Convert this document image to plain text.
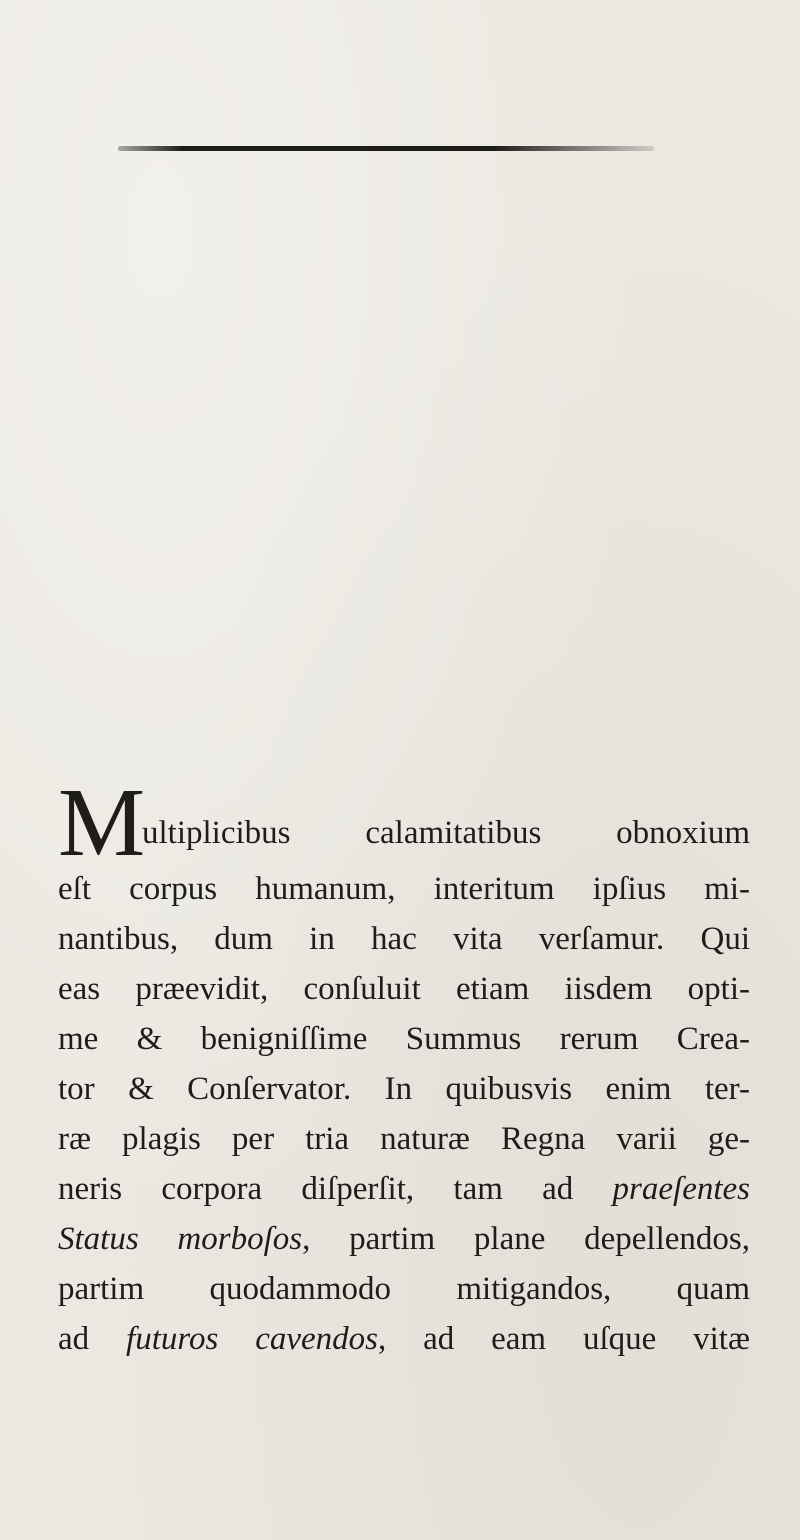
M
ultiplicibus calamitatibus obnoxium
eſt corpus humanum, interitum ipſius mi-
nantibus, dum in hac vita verſamur. Qui
eas præevidit, conſuluit etiam iisdem opti-
me & benigniſſime Summus rerum Crea-
tor & Conſervator. In quibusvis enim ter-
ræ plagis per tria naturæ Regna varii ge-
neris corpora diſperſit, tam ad praeſentes
Status morboſos, partim plane depellendos,
partim quodammodo mitigandos, quam
ad futuros cavendos, ad eam uſque vitæ
